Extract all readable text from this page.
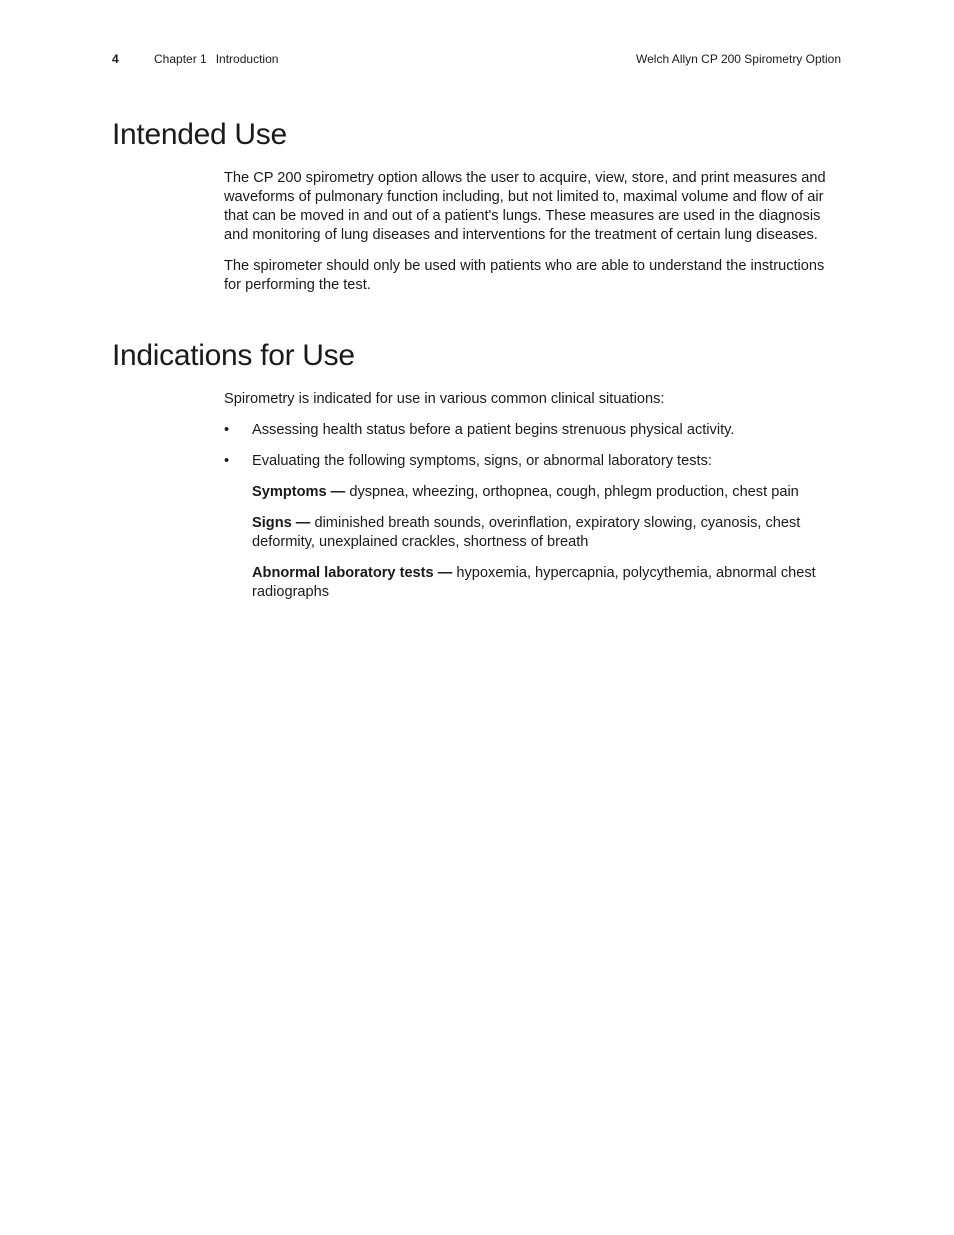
4	Chapter 1 Introduction	Welch Allyn CP 200 Spirometry Option
Intended Use

The CP 200 spirometry option allows the user to acquire, view, store, and print measures and waveforms of pulmonary function including, but not limited to, maximal volume and flow of air that can be moved in and out of a patient's lungs. These measures are used in the diagnosis and monitoring of lung diseases and interventions for the treatment of certain lung diseases.

The spirometer should only be used with patients who are able to understand the instructions for performing the test.

Indications for Use

Spirometry is indicated for use in various common clinical situations:

• Assessing health status before a patient begins strenuous physical activity.
• Evaluating the following symptoms, signs, or abnormal laboratory tests:

Symptoms — dyspnea, wheezing, orthopnea, cough, phlegm production, chest pain

Signs — diminished breath sounds, overinflation, expiratory slowing, cyanosis, chest deformity, unexplained crackles, shortness of breath

Abnormal laboratory tests — hypoxemia, hypercapnia, polycythemia, abnormal chest radiographs
